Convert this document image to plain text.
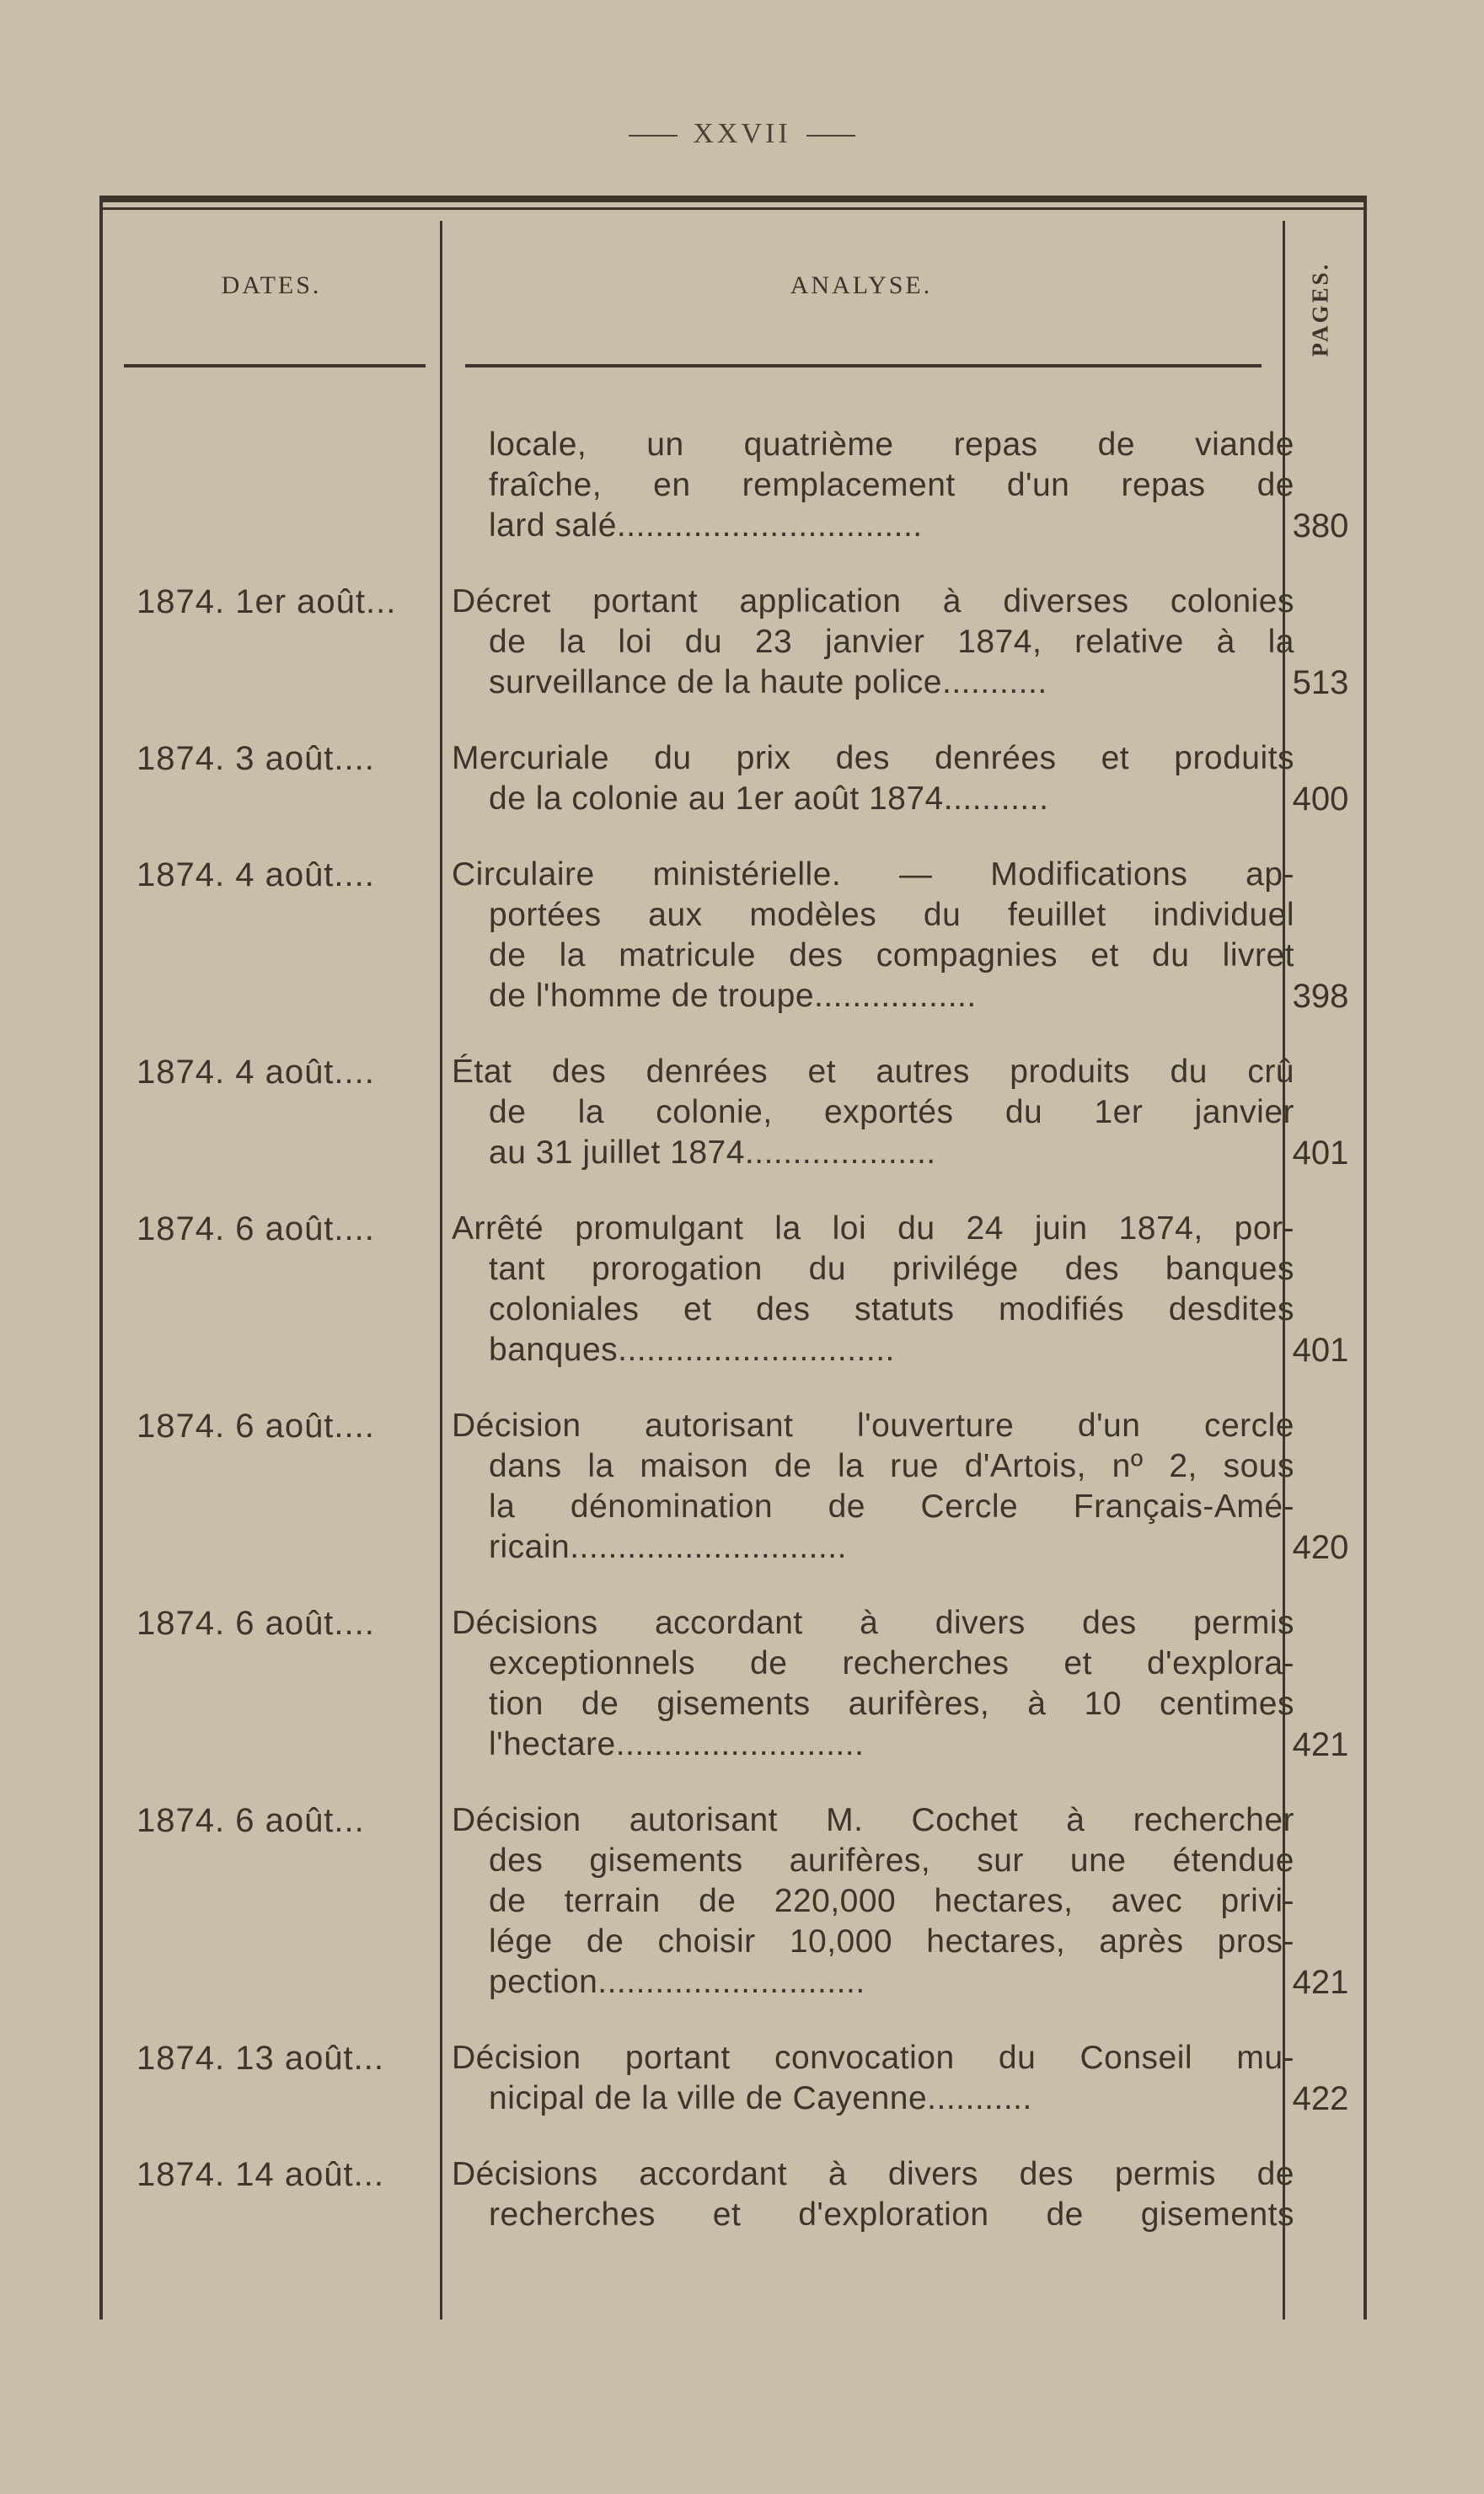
XXVII
DATES.	ANALYSE.	PAGES.
locale, un quatrième repas de viande
fraîche, en remplacement d'un repas de
lard salé................................	380
1874. 1er août...	Décret portant application à diverses colonies
de la loi du 23 janvier 1874, relative à la
surveillance de la haute police...........	513
1874. 3 août....	Mercuriale du prix des denrées et produits
de la colonie au 1er août 1874...........	400
1874. 4 août....	Circulaire ministérielle. — Modifications ap-
portées aux modèles du feuillet individuel
de la matricule des compagnies et du livret
de l'homme de troupe.................	398
1874. 4 août....	État des denrées et autres produits du crû
de la colonie, exportés du 1er janvier
au 31 juillet 1874....................	401
1874. 6 août....	Arrêté promulgant la loi du 24 juin 1874, por-
tant prorogation du privilége des banques
coloniales et des statuts modifiés desdites
banques.............................	401
1874. 6 août....	Décision autorisant l'ouverture d'un cercle
dans la maison de la rue d'Artois, nº 2, sous
la dénomination de Cercle Français-Amé-
ricain.............................	420
1874. 6 août....	Décisions accordant à divers des permis
exceptionnels de recherches et d'explora-
tion de gisements aurifères, à 10 centimes
l'hectare..........................	421
1874. 6 août...	Décision autorisant M. Cochet à rechercher
des gisements aurifères, sur une étendue
de terrain de 220,000 hectares, avec privi-
lége de choisir 10,000 hectares, après pros-
pection............................	421
1874. 13 août...	Décision portant convocation du Conseil mu-
nicipal de la ville de Cayenne...........	422
1874. 14 août...	Décisions accordant à divers des permis de
recherches et d'exploration de gisements
